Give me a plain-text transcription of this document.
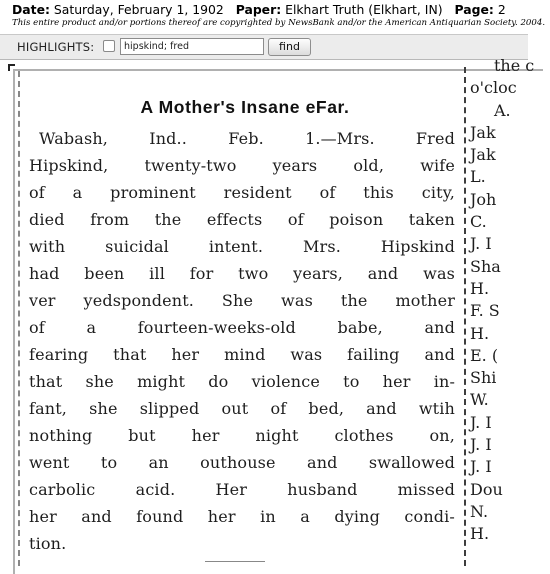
Date: Saturday, February 1, 1902 Paper: Elkhart Truth (Elkhart, IN) Page: 2
This entire product and/or portions thereof are copyrighted by NewsBank and/or the American Antiquarian Society. 2004.
HIGHLIGHTS:
hipskind; fred	find
A Mother's Insane eFar.
Wabash, Ind.. Feb. 1.—Mrs. Fred
Hipskind, twenty-two years old, wife
of a prominent resident of this city,
died from the effects of poison taken
with suicidal intent. Mrs. Hipskind
had been ill for two years, and was
ver yedspondent. She was the mother
of a fourteen-weeks-old babe, and
fearing that her mind was failing and
that she might do violence to her in-
fant, she slipped out of bed, and wtih
nothing but her night clothes on,
went to an outhouse and swallowed
carbolic acid. Her husband missed
her and found her in a dying condi-
tion.
the c
o'cloc
A.
Jak
Jak
L.
Joh
C.
J. I
Sha
H.
F. S
H.
E. (
Shi
W.
J. I
J. I
J. I
Dou
N.
H.
